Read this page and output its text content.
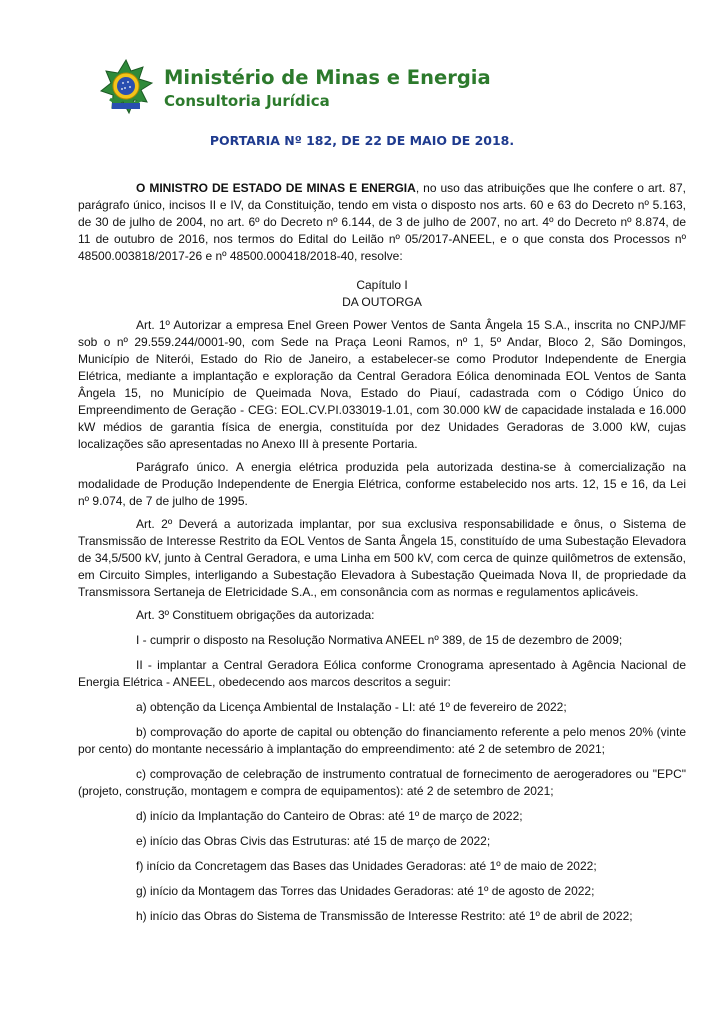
Ministério de Minas e Energia
Consultoria Jurídica
PORTARIA Nº 182, DE 22 DE MAIO DE 2018.

O MINISTRO DE ESTADO DE MINAS E ENERGIA, no uso das atribuições que lhe confere o art. 87, parágrafo único, incisos II e IV, da Constituição, tendo em vista o disposto nos arts. 60 e 63 do Decreto nº 5.163, de 30 de julho de 2004, no art. 6º do Decreto nº 6.144, de 3 de julho de 2007, no art. 4º do Decreto nº 8.874, de 11 de outubro de 2016, nos termos do Edital do Leilão nº 05/2017-ANEEL, e o que consta dos Processos nº 48500.003818/2017-26 e nº 48500.000418/2018-40, resolve:

Capítulo I

DA OUTORGA

Art. 1º Autorizar a empresa Enel Green Power Ventos de Santa Ângela 15 S.A., inscrita no CNPJ/MF sob o nº 29.559.244/0001-90, com Sede na Praça Leoni Ramos, nº 1, 5º Andar, Bloco 2, São Domingos, Município de Niterói, Estado do Rio de Janeiro, a estabelecer-se como Produtor Independente de Energia Elétrica, mediante a implantação e exploração da Central Geradora Eólica denominada EOL Ventos de Santa Ângela 15, no Município de Queimada Nova, Estado do Piauí, cadastrada com o Código Único do Empreendimento de Geração - CEG: EOL.CV.PI.033019-1.01, com 30.000 kW de capacidade instalada e 16.000 kW médios de garantia física de energia, constituída por dez Unidades Geradoras de 3.000 kW, cujas localizações são apresentadas no Anexo III à presente Portaria.

Parágrafo único. A energia elétrica produzida pela autorizada destina-se à comercialização na modalidade de Produção Independente de Energia Elétrica, conforme estabelecido nos arts. 12, 15 e 16, da Lei nº 9.074, de 7 de julho de 1995.

Art. 2º Deverá a autorizada implantar, por sua exclusiva responsabilidade e ônus, o Sistema de Transmissão de Interesse Restrito da EOL Ventos de Santa Ângela 15, constituído de uma Subestação Elevadora de 34,5/500 kV, junto à Central Geradora, e uma Linha em 500 kV, com cerca de quinze quilômetros de extensão, em Circuito Simples, interligando a Subestação Elevadora à Subestação Queimada Nova II, de propriedade da Transmissora Sertaneja de Eletricidade S.A., em consonância com as normas e regulamentos aplicáveis.

Art. 3º Constituem obrigações da autorizada:

I - cumprir o disposto na Resolução Normativa ANEEL nº 389, de 15 de dezembro de 2009;

II - implantar a Central Geradora Eólica conforme Cronograma apresentado à Agência Nacional de Energia Elétrica - ANEEL, obedecendo aos marcos descritos a seguir:

a) obtenção da Licença Ambiental de Instalação - LI: até 1º de fevereiro de 2022;

b) comprovação do aporte de capital ou obtenção do financiamento referente a pelo menos 20% (vinte por cento) do montante necessário à implantação do empreendimento: até 2 de setembro de 2021;

c) comprovação de celebração de instrumento contratual de fornecimento de aerogeradores ou "EPC" (projeto, construção, montagem e compra de equipamentos): até 2 de setembro de 2021;

d) início da Implantação do Canteiro de Obras: até 1º de março de 2022;

e) início das Obras Civis das Estruturas: até 15 de março de 2022;

f) início da Concretagem das Bases das Unidades Geradoras: até 1º de maio de 2022;

g) início da Montagem das Torres das Unidades Geradoras: até 1º de agosto de 2022;

h) início das Obras do Sistema de Transmissão de Interesse Restrito: até 1º de abril de 2022;
